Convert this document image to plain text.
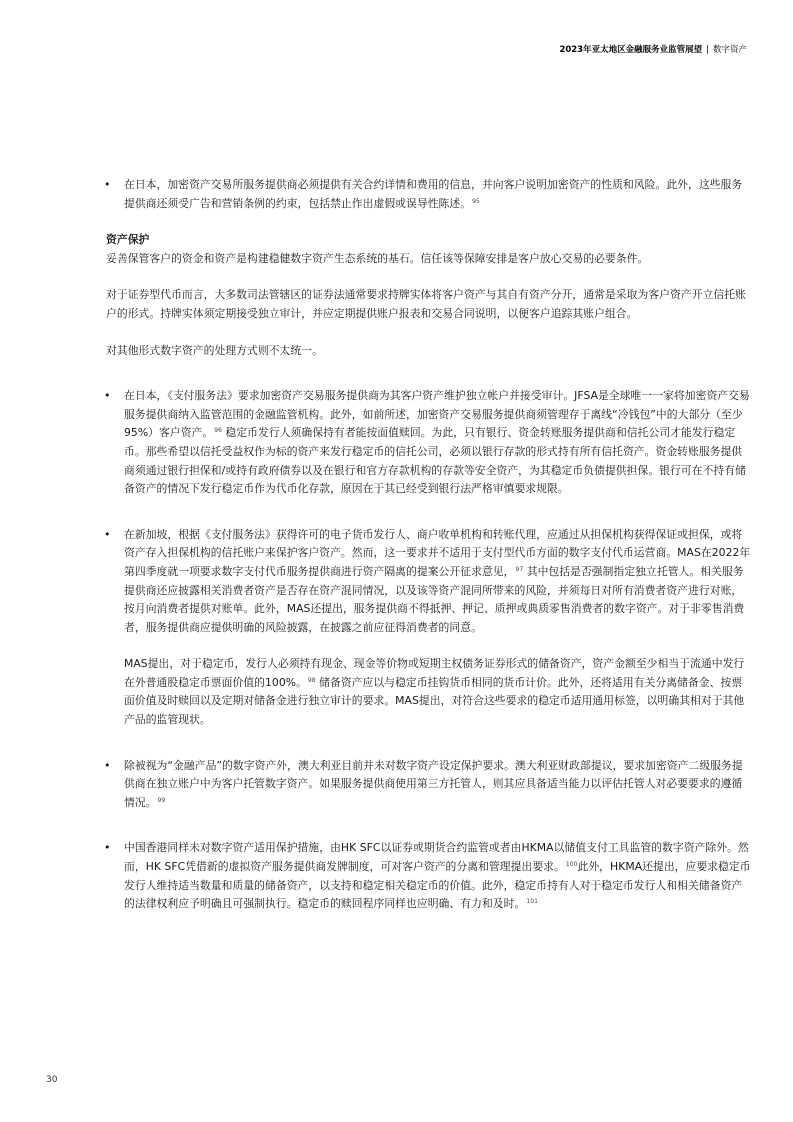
2023年亚太地区金融服务业监管展望 | 数字资产
• 在日本，加密资产交易所服务提供商必须提供有关合约详情和费用的信息，并向客户说明加密资产的性质和风险。此外，这些服务提供商还须受广告和营销条例的约束，包括禁止作出虚假或误导性陈述。$^{95}$

资产保护

妥善保管客户的资金和资产是构建稳健数字资产生态系统的基石。信任该等保障安排是客户放心交易的必要条件。

对于证券型代币而言，大多数司法管辖区的证券法通常要求持牌实体将客户资产与其自有资产分开，通常是采取为客户资产开立信托账户的形式。持牌实体须定期接受独立审计，并应定期提供账户报表和交易合同说明，以便客户追踪其账户组合。

对其他形式数字资产的处理方式则不太统一。

• 在日本，《支付服务法》要求加密资产交易服务提供商为其客户资产维护独立帐户并接受审计。JFSA是全球唯一一家将加密资产交易服务提供商纳入监管范围的金融监管机构。此外，如前所述，加密资产交易服务提供商须管理存于离线“冷钱包”中的大部分（至少95%）客户资产。$^{96}$ 稳定币发行人须确保持有者能按面值赎回。为此，只有银行、资金转账服务提供商和信托公司才能发行稳定币。那些希望以信托受益权作为标的资产来发行稳定币的信托公司，必须以银行存款的形式持有所有信托资产。资金转账服务提供商须通过银行担保和/或持有政府债券以及在银行和官方存款机构的存款等安全资产，为其稳定币负债提供担保。银行可在不持有储备资产的情况下发行稳定币作为代币化存款，原因在于其已经受到银行法严格审慎要求规限。

• 在新加坡，根据《支付服务法》获得许可的电子货币发行人、商户收单机构和转账代理，应通过从担保机构获得保证或担保，或将资产存入担保机构的信托账户来保护客户资产。然而，这一要求并不适用于支付型代币方面的数字支付代币运营商。MAS在2022年第四季度就一项要求数字支付代币服务提供商进行资产隔离的提案公开征求意见，$^{97}$ 其中包括是否强制指定独立托管人。相关服务提供商还应披露相关消费者资产是否存在资产混同情况，以及该等资产混同所带来的风险，并须每日对所有消费者资产进行对账，按月向消费者提供对账单。此外，MAS还提出，服务提供商不得抵押、押记、质押或典质零售消费者的数字资产。对于非零售消费者，服务提供商应提供明确的风险披露，在披露之前应征得消费者的同意。

MAS提出，对于稳定币，发行人必须持有现金、现金等价物或短期主权债务证券形式的储备资产，资产金额至少相当于流通中发行在外普通股稳定币票面价值的100%。$^{98}$ 储备资产应以与稳定币挂钩货币相同的货币计价。此外，还将适用有关分离储备金、按票面价值及时赎回以及定期对储备金进行独立审计的要求。MAS提出，对符合这些要求的稳定币适用通用标签，以明确其相对于其他产品的监管现状。

• 除被视为“金融产品”的数字资产外，澳大利亚目前并未对数字资产设定保护要求。澳大利亚财政部提议，要求加密资产二级服务提供商在独立账户中为客户托管数字资产。如果服务提供商使用第三方托管人，则其应具备适当能力以评估托管人对必要要求的遵循情况。$^{99}$

• 中国香港同样未对数字资产适用保护措施，由HK SFC以证券或期货合约监管或者由HKMA以储值支付工具监管的数字资产除外。然而，HK SFC凭借新的虚拟资产服务提供商发牌制度，可对客户资产的分离和管理提出要求。$^{100}$此外，HKMA还提出，应要求稳定币发行人维持适当数量和质量的储备资产，以支持和稳定相关稳定币的价值。此外，稳定币持有人对于稳定币发行人和相关储备资产的法律权利应予明确且可强制执行。稳定币的赎回程序同样也应明确、有力和及时。$^{101}$

30
